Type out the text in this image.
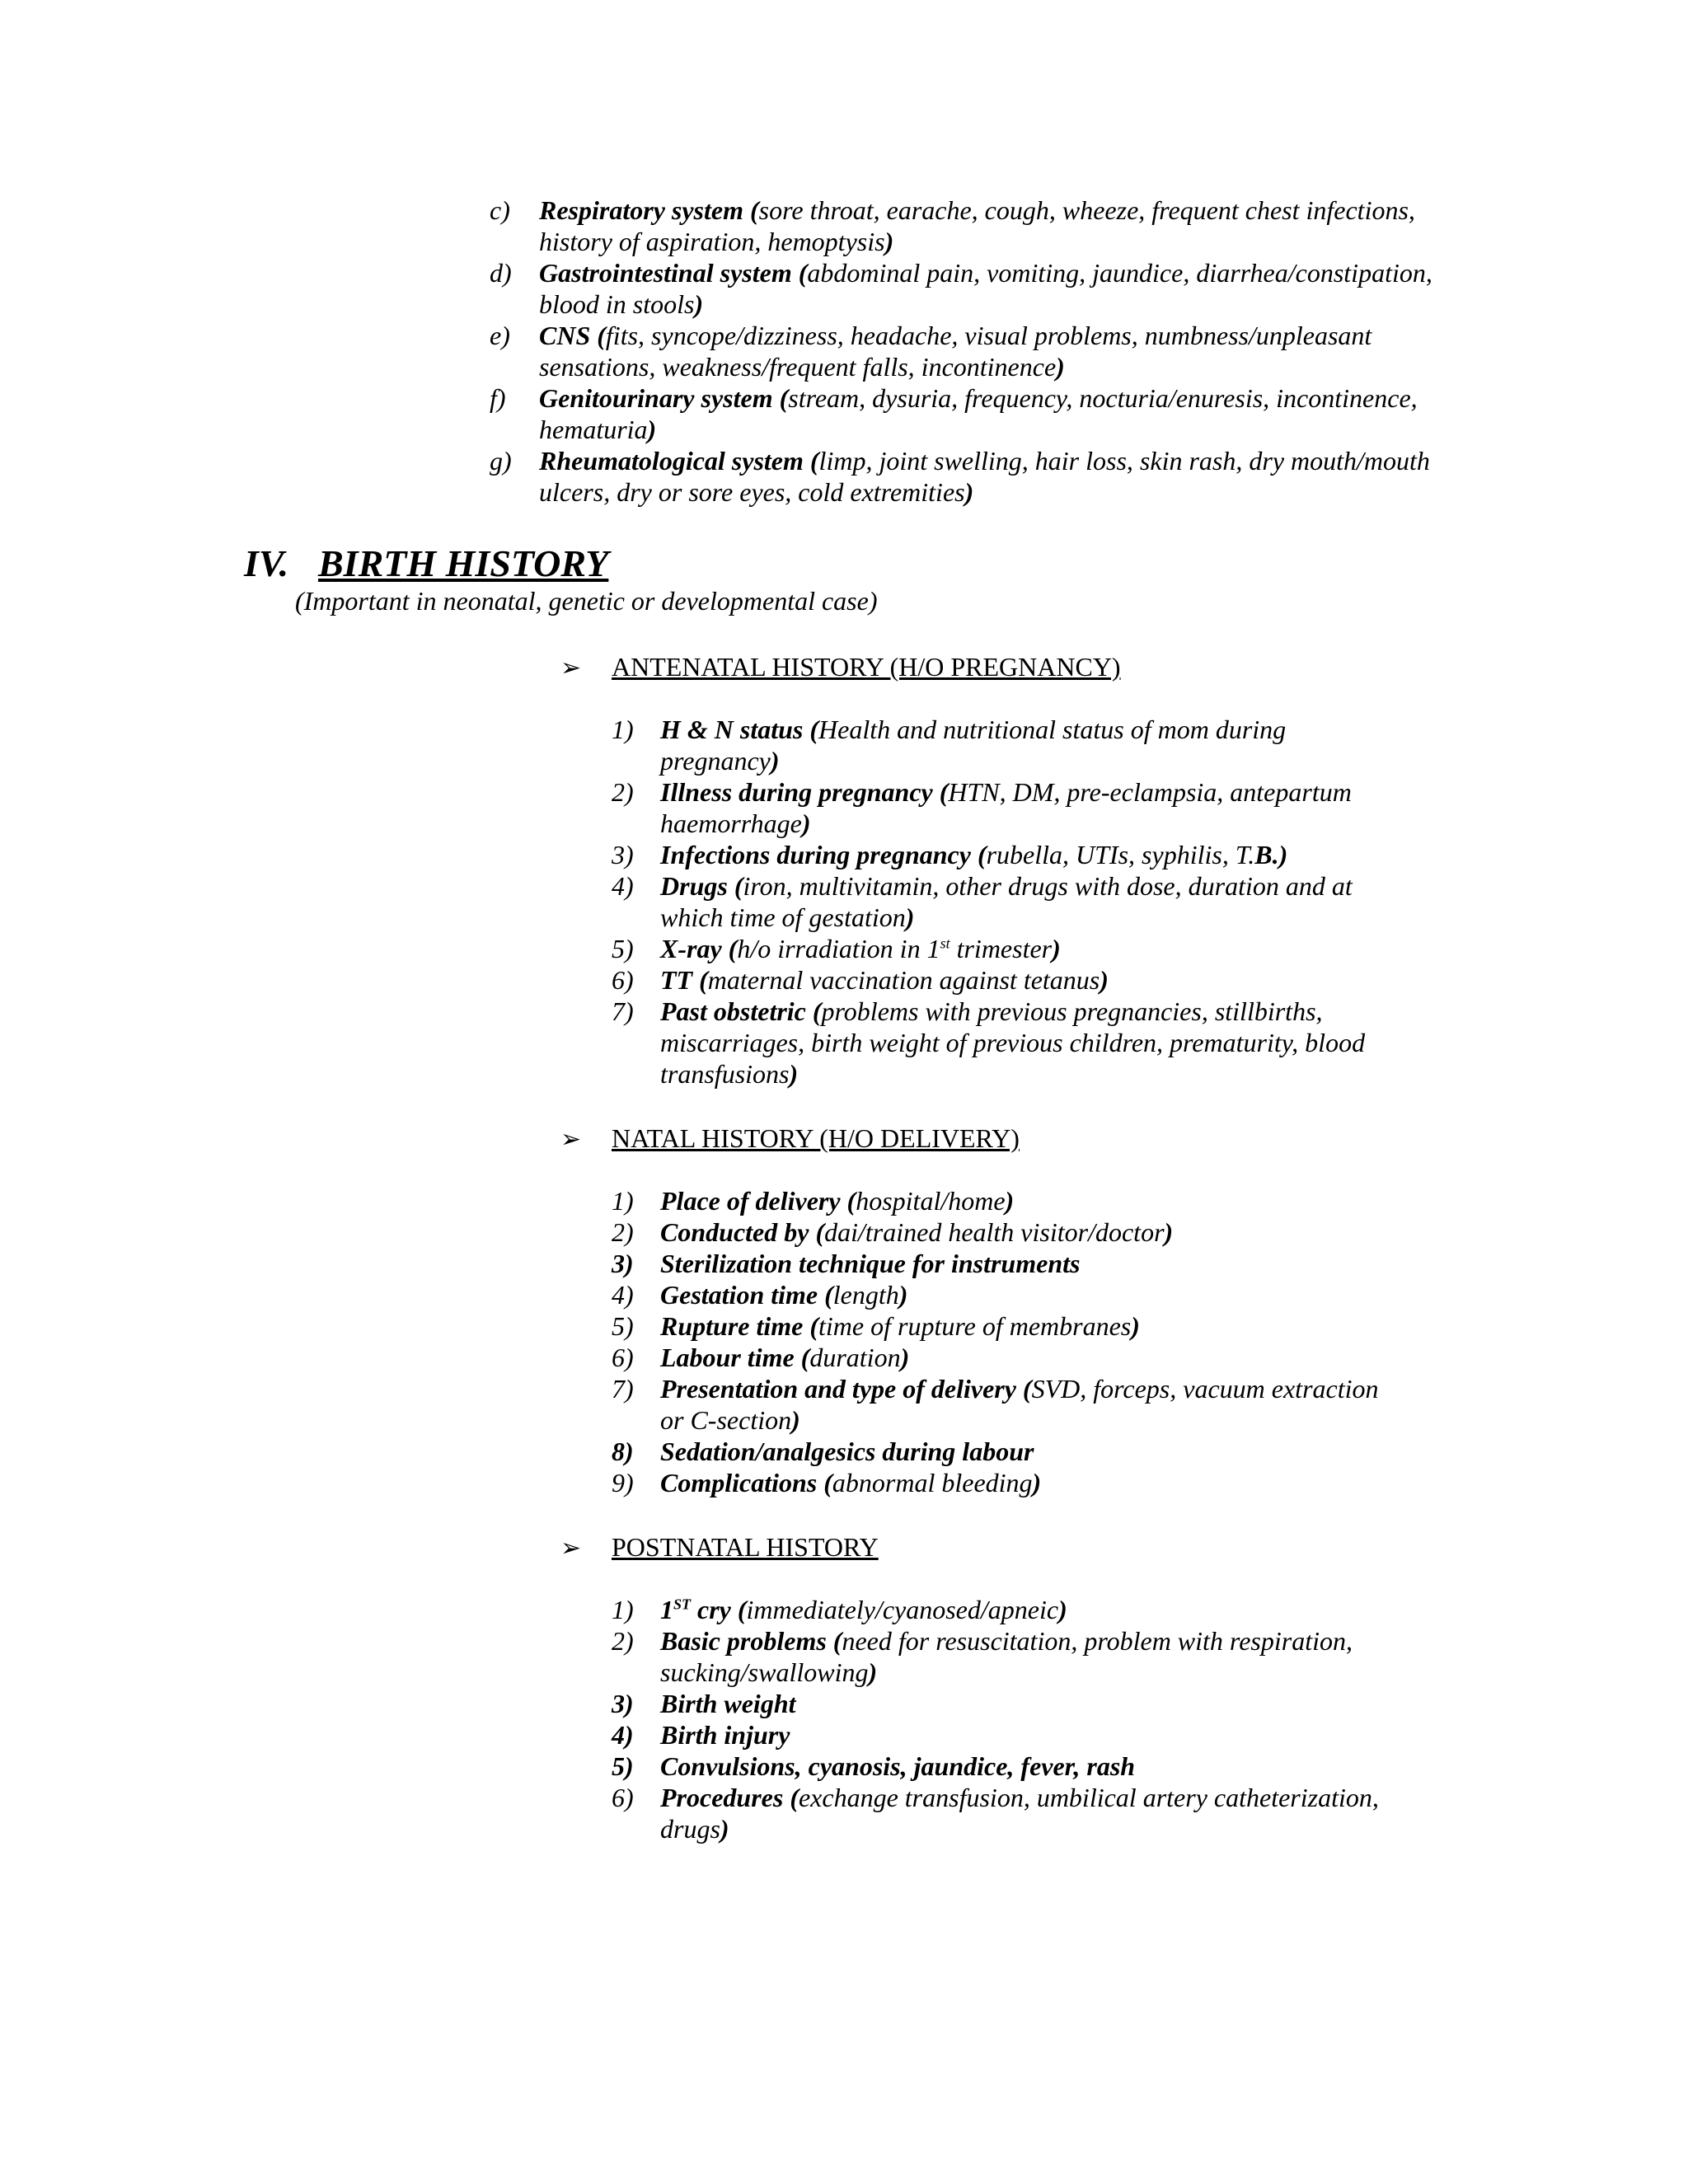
c) Respiratory system (sore throat, earache, cough, wheeze, frequent chest infections, history of aspiration, hemoptysis)
d) Gastrointestinal system (abdominal pain, vomiting, jaundice, diarrhea/constipation, blood in stools)
e) CNS (fits, syncope/dizziness, headache, visual problems, numbness/unpleasant sensations, weakness/frequent falls, incontinence)
f) Genitourinary system (stream, dysuria, frequency, nocturia/enuresis, incontinence, hematuria)
g) Rheumatological system (limp, joint swelling, hair loss, skin rash, dry mouth/mouth ulcers, dry or sore eyes, cold extremities)
IV. BIRTH HISTORY
(Important in neonatal, genetic or developmental case)
➢ ANTENATAL HISTORY (H/O PREGNANCY)
1) H & N status (Health and nutritional status of mom during pregnancy)
2) Illness during pregnancy (HTN, DM, pre-eclampsia, antepartum haemorrhage)
3) Infections during pregnancy (rubella, UTIs, syphilis, T.B.)
4) Drugs (iron, multivitamin, other drugs with dose, duration and at which time of gestation)
5) X-ray (h/o irradiation in 1st trimester)
6) TT (maternal vaccination against tetanus)
7) Past obstetric (problems with previous pregnancies, stillbirths, miscarriages, birth weight of previous children, prematurity, blood transfusions)
➢ NATAL HISTORY (H/O DELIVERY)
1) Place of delivery (hospital/home)
2) Conducted by (dai/trained health visitor/doctor)
3) Sterilization technique for instruments
4) Gestation time (length)
5) Rupture time (time of rupture of membranes)
6) Labour time (duration)
7) Presentation and type of delivery (SVD, forceps, vacuum extraction or C-section)
8) Sedation/analgesics during labour
9) Complications (abnormal bleeding)
➢ POSTNATAL HISTORY
1) 1ST cry (immediately/cyanosed/apneic)
2) Basic problems (need for resuscitation, problem with respiration, sucking/swallowing)
3) Birth weight
4) Birth injury
5) Convulsions, cyanosis, jaundice, fever, rash
6) Procedures (exchange transfusion, umbilical artery catheterization, drugs)
